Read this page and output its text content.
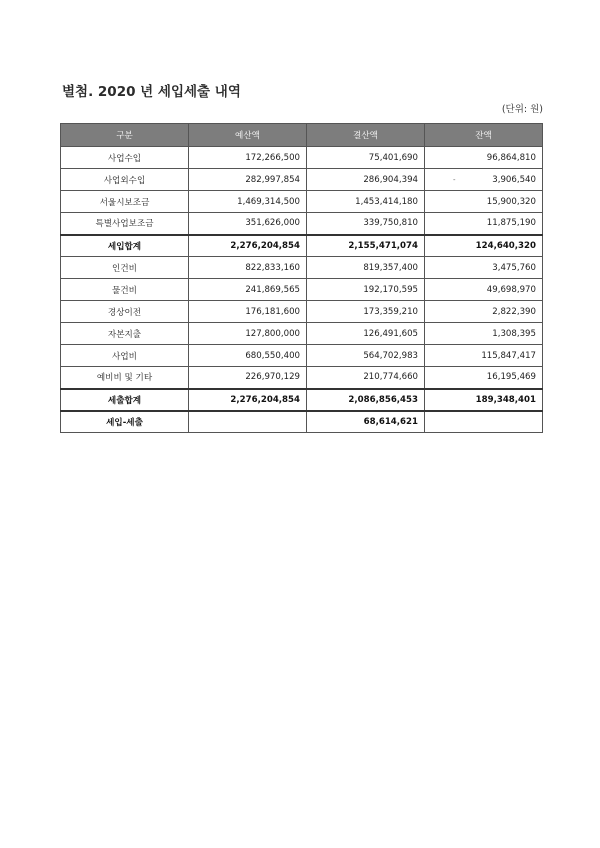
별첨. 2020 년 세입세출 내역
(단위: 원)
구분	예산액	결산액	잔액
사업수입	172,266,500	75,401,690	96,864,810
사업외수입	282,997,854	286,904,394	- 3,906,540
서울시보조금	1,469,314,500	1,453,414,180	15,900,320
특별사업보조금	351,626,000	339,750,810	11,875,190
세입합계	2,276,204,854	2,155,471,074	124,640,320
인건비	822,833,160	819,357,400	3,475,760
물건비	241,869,565	192,170,595	49,698,970
경상이전	176,181,600	173,359,210	2,822,390
자본지출	127,800,000	126,491,605	1,308,395
사업비	680,550,400	564,702,983	115,847,417
예비비 및 기타	226,970,129	210,774,660	16,195,469
세출합계	2,276,204,854	2,086,856,453	189,348,401
세입-세출		68,614,621	
